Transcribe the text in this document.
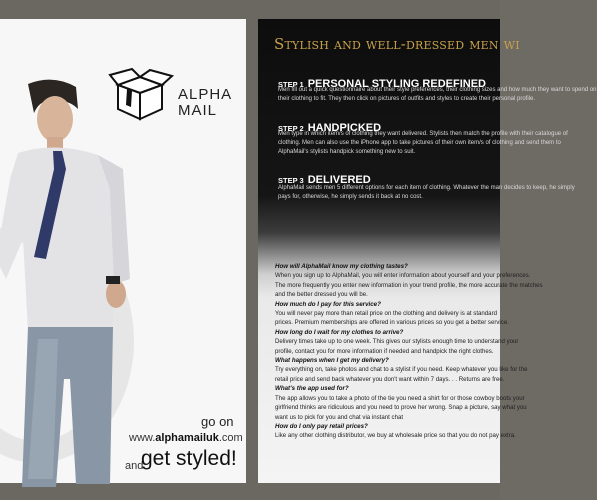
ALPHA
MAIL
go on
www.alphamailuk.com
and
get styled!
Stylish and well-dressed men wi
STEP 1 PERSONAL STYLING REDEFINED
Men fill out a quick questionnaire about their style preferences, their clothing sizes and how much they want to spend on
their clothing to fit. They then click on pictures of outfits and styles to create their personal profile.
STEP 2 HANDPICKED
Men type in which item/s of clothing they want delivered. Stylists then match the profile with their catalogue of
clothing. Men can also use the iPhone app to take pictures of their own item/s of clothing and send them to
AlphaMail's stylists handpick something new to suit.
STEP 3 DELIVERED
AlphaMail sends men 5 different options for each item of clothing. Whatever the man decides to keep, he simply
pays for, otherwise, he simply sends it back at no cost.
How will AlphaMail know my clothing tastes?
When you sign up to AlphaMail, you will enter information about yourself and your preferences.
The more frequently you enter new information in your trend profile, the more accurate the matches
and the better dressed you will be.
How much do I pay for this service?
You will never pay more than retail price on the clothing and delivery is at standard
prices. Premium memberships are offered in various prices so you get a better service.
How long do I wait for my clothes to arrive?
Delivery times take up to one week. This gives our stylists enough time to understand your
profile, contact you for more information if needed and handpick the right clothes.
What happens when I get my delivery?
Try everything on, take photos and chat to a stylist if you need. Keep whatever you like for the
retail price and send back whatever you don't want within 7 days. . . Returns are free.
What's the app used for?
The app allows you to take a photo of the tie you need a shirt for or those cowboy boots your
girlfriend thinks are ridiculous and you need to prove her wrong. Snap a picture, say what you
want us to pick for you and chat via instant chat
How do I only pay retail prices?
Like any other clothing distributor, we buy at wholesale price so that you do not pay extra.
